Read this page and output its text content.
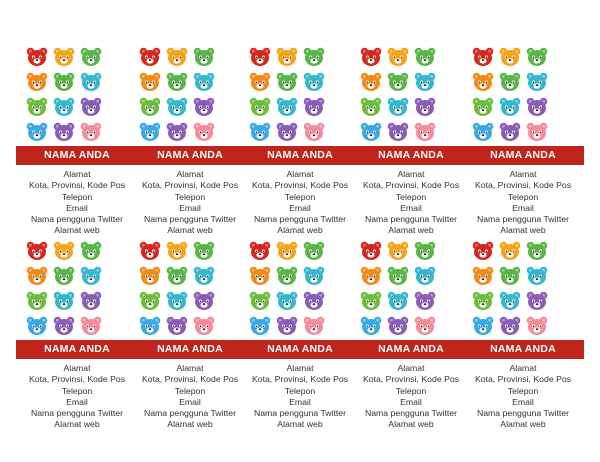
NAMA ANDA
Alamat
Kota, Provinsi, Kode Pos
Telepon
Email
Nama pengguna Twitter
Alamat web
NAMA ANDA
Alamat
Kota, Provinsi, Kode Pos
Telepon
Email
Nama pengguna Twitter
Alamat web
NAMA ANDA
Alamat
Kota, Provinsi, Kode Pos
Telepon
Email
Nama pengguna Twitter
Alamat web
NAMA ANDA
Alamat
Kota, Provinsi, Kode Pos
Telepon
Email
Nama pengguna Twitter
Alamat web
NAMA ANDA
Alamat
Kota, Provinsi, Kode Pos
Telepon
Email
Nama pengguna Twitter
Alamat web
NAMA ANDA
Alamat
Kota, Provinsi, Kode Pos
Telepon
Email
Nama pengguna Twitter
Alamat web
NAMA ANDA
Alamat
Kota, Provinsi, Kode Pos
Telepon
Email
Nama pengguna Twitter
Alamat web
NAMA ANDA
Alamat
Kota, Provinsi, Kode Pos
Telepon
Email
Nama pengguna Twitter
Alamat web
NAMA ANDA
Alamat
Kota, Provinsi, Kode Pos
Telepon
Email
Nama pengguna Twitter
Alamat web
NAMA ANDA
Alamat
Kota, Provinsi, Kode Pos
Telepon
Email
Nama pengguna Twitter
Alamat web
